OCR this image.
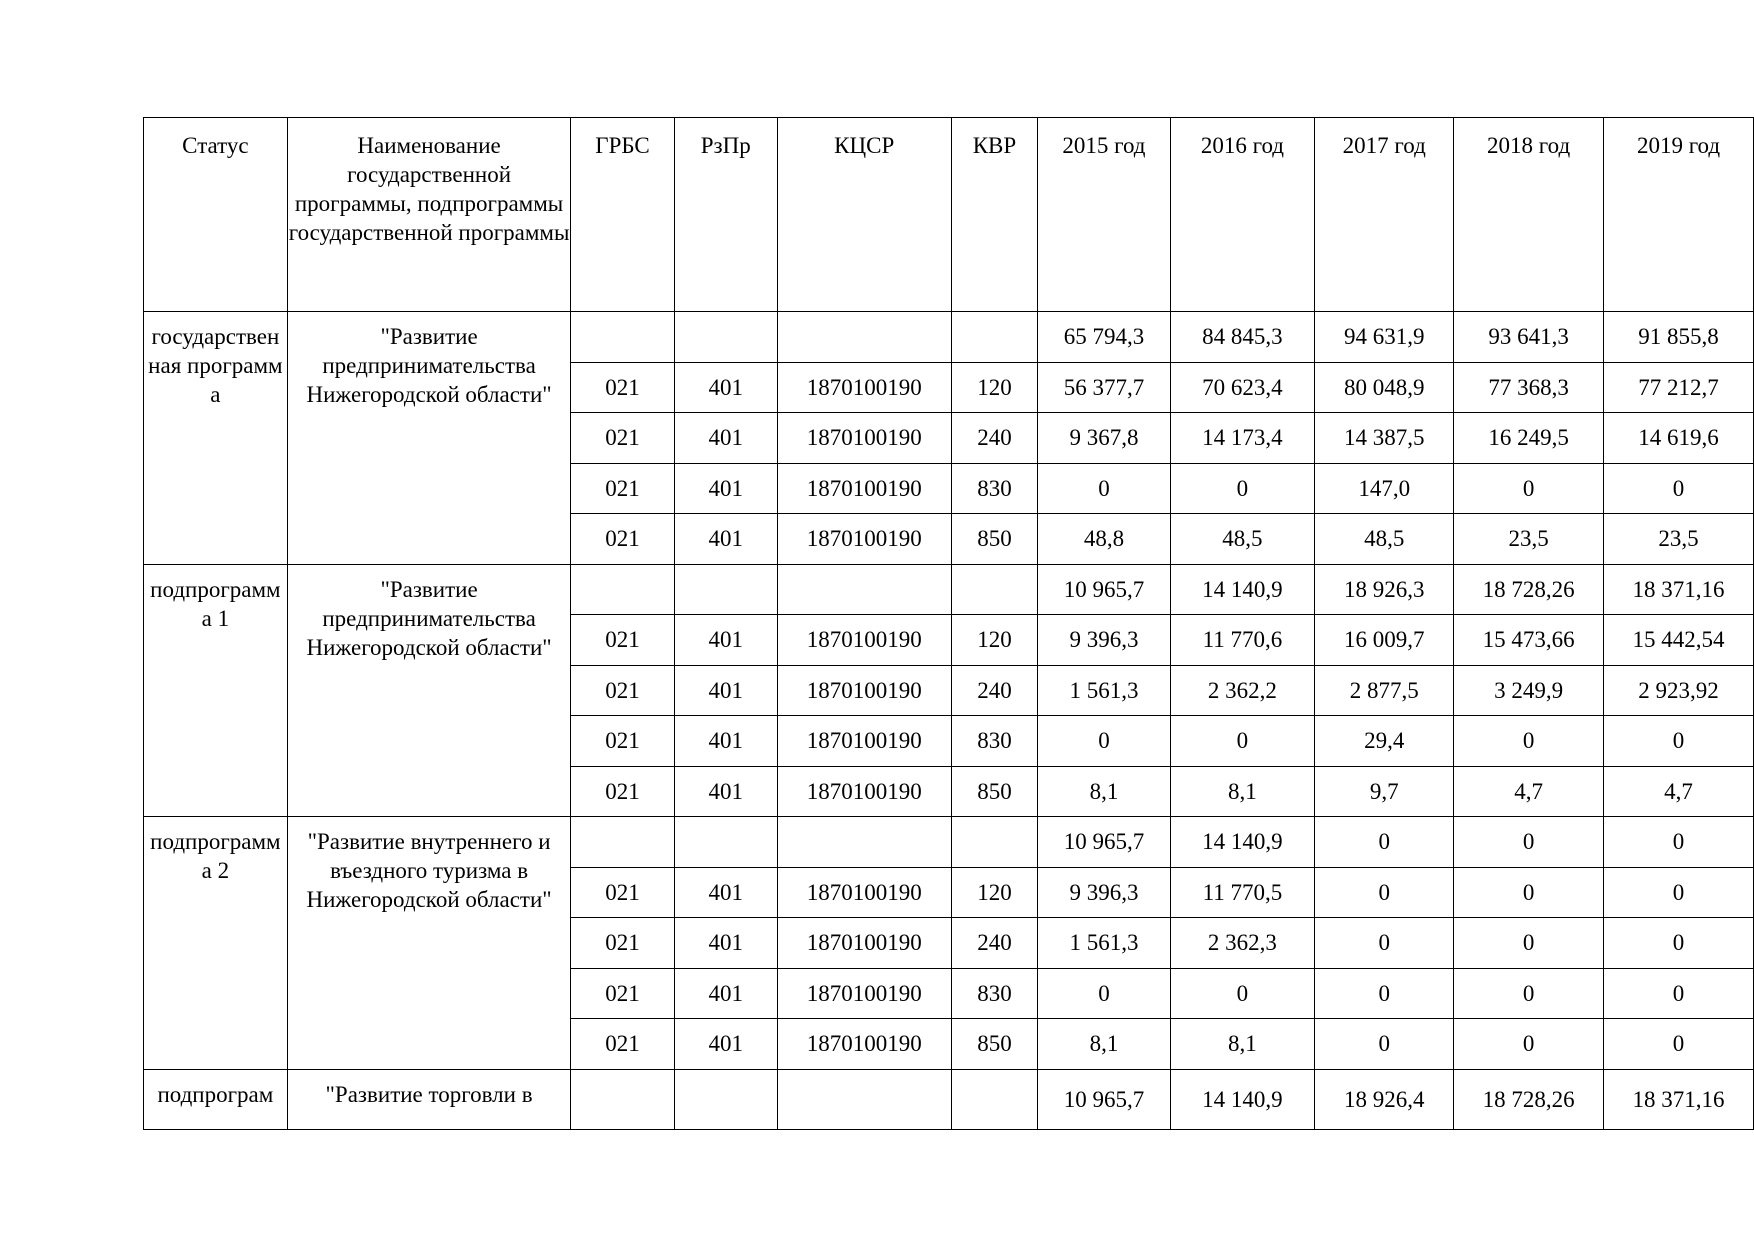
Статус	Наименование государственной программы, подпрограммы государственной программы	ГРБС	РзПр	КЦСР	КВР	2015 год	2016 год	2017 год	2018 год	2019 год
государственная программа	"Развитие предпринимательства Нижегородской области"					65 794,3	84 845,3	94 631,9	93 641,3	91 855,8
		021	401	1870100190	120	56 377,7	70 623,4	80 048,9	77 368,3	77 212,7
		021	401	1870100190	240	9 367,8	14 173,4	14 387,5	16 249,5	14 619,6
		021	401	1870100190	830	0	0	147,0	0	0
		021	401	1870100190	850	48,8	48,5	48,5	23,5	23,5
подпрограмма 1	"Развитие предпринимательства Нижегородской области"					10 965,7	14 140,9	18 926,3	18 728,26	18 371,16
		021	401	1870100190	120	9 396,3	11 770,6	16 009,7	15 473,66	15 442,54
		021	401	1870100190	240	1 561,3	2 362,2	2 877,5	3 249,9	2 923,92
		021	401	1870100190	830	0	0	29,4	0	0
		021	401	1870100190	850	8,1	8,1	9,7	4,7	4,7
подпрограмма 2	"Развитие внутреннего и въездного туризма в Нижегородской области"					10 965,7	14 140,9	0	0	0
		021	401	1870100190	120	9 396,3	11 770,5	0	0	0
		021	401	1870100190	240	1 561,3	2 362,3	0	0	0
		021	401	1870100190	830	0	0	0	0	0
		021	401	1870100190	850	8,1	8,1	0	0	0
подпрограм	"Развитие торговли в					10 965,7	14 140,9	18 926,4	18 728,26	18 371,16
